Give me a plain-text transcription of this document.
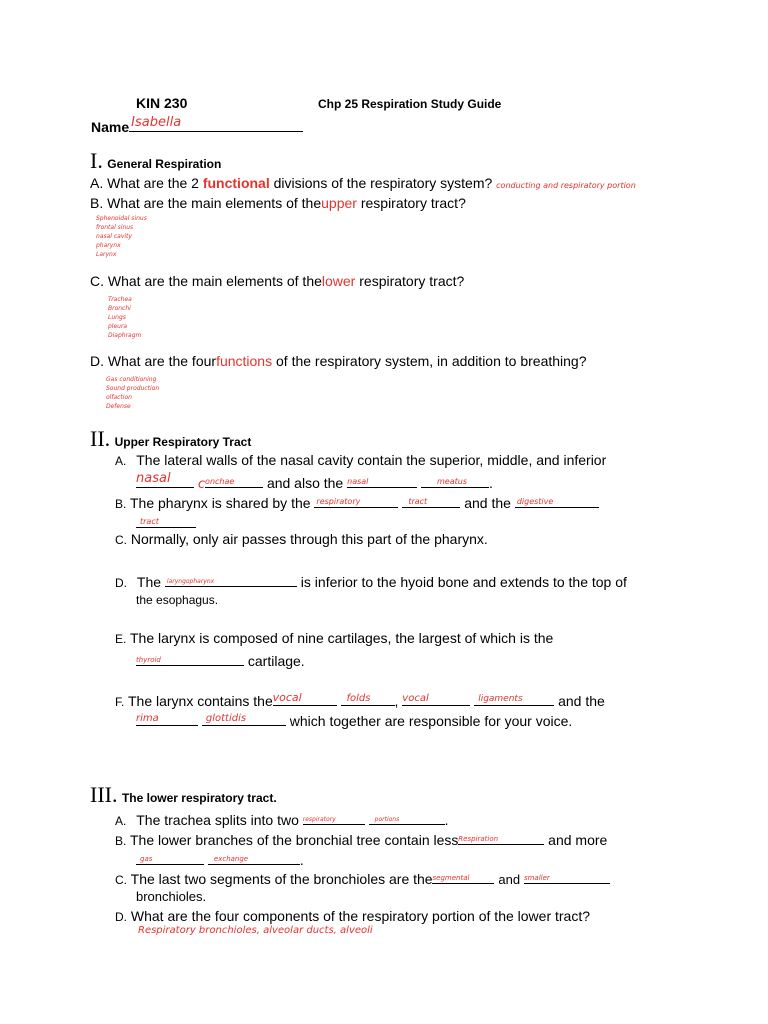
KIN 230	Chp 25 Respiration Study Guide
Name Isabella
I. General Respiration
A. What are the 2 functional divisions of the respiratory system? conducting and respiratory portion
B. What are the main elements of theupper respiratory tract?
Sphenoidal sinus
frontal sinus
nasal cavity
pharynx
Larynx
C. What are the main elements of thelower respiratory tract?
Trachea
Bronchi
Lungs
pleura
Diaphragm
D. What are the fourfunctions of the respiratory system, in addition to breathing?
Gas conditioning
Sound production
olfaction
Defense
II. Upper Respiratory Tract
A. The lateral walls of the nasal cavity contain the superior, middle, and inferior
nasal c onchae and also the nasal
	meatus .
B. The pharynx is shared by the respiratory
	tract	and the digestive
tract
C. Normally, only air passes through this part of the pharynx.
D. The laryngopharynx	is inferior to the hyoid bone and extends to the top of
the esophagus.
E. The larynx is composed of nine cartilages, the largest of which is the
thyroid	cartilage.
F. The larynx contains the vocal
	folds , vocal
	ligaments	and the
rima
	glottidis	which together are responsible for your voice.
III. The lower respiratory tract.
A. The trachea splits into two respiratory
	portions	.
B. The lower branches of the bronchial tree contain less Respiration	and more
gas
	exchange	.
C. The last two segments of the bronchioles are the segmental and smaller
bronchioles.
D. What are the four components of the respiratory portion of the lower tract?
Respiratory bronchioles, alveolar ducts, alveoli
